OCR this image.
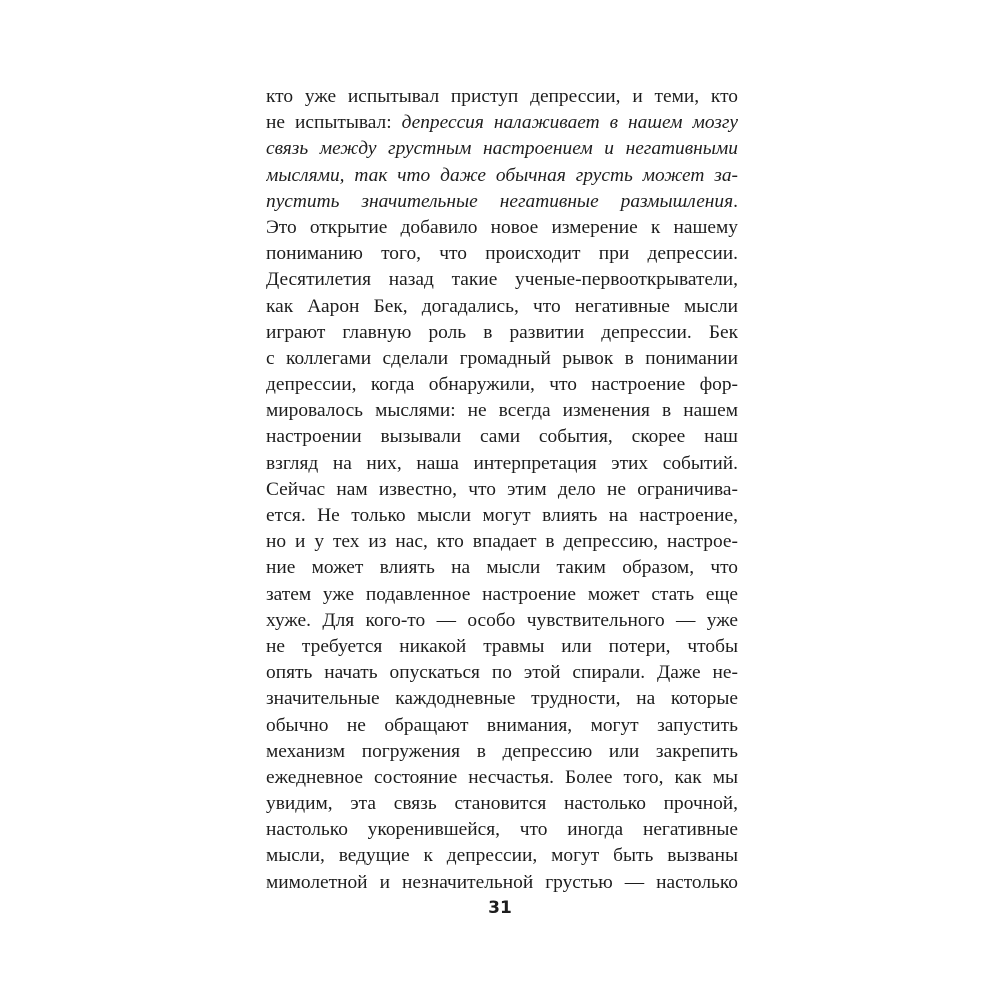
кто уже испытывал приступ депрессии, и теми, кто
не испытывал: депрессия налаживает в нашем мозгу
связь между грустным настроением и негативными
мыслями, так что даже обычная грусть может за-
пустить значительные негативные размышления.
Это открытие добавило новое измерение к нашему
пониманию того, что происходит при депрессии.
Десятилетия назад такие ученые-первооткрыватели,
как Аарон Бек, догадались, что негативные мысли
играют главную роль в развитии депрессии. Бек
с коллегами сделали громадный рывок в понимании
депрессии, когда обнаружили, что настроение фор-
мировалось мыслями: не всегда изменения в нашем
настроении вызывали сами события, скорее наш
взгляд на них, наша интерпретация этих событий.
Сейчас нам известно, что этим дело не ограничива-
ется. Не только мысли могут влиять на настроение,
но и у тех из нас, кто впадает в депрессию, настрое-
ние может влиять на мысли таким образом, что
затем уже подавленное настроение может стать еще
хуже. Для кого-то — особо чувствительного — уже
не требуется никакой травмы или потери, чтобы
опять начать опускаться по этой спирали. Даже не-
значительные каждодневные трудности, на которые
обычно не обращают внимания, могут запустить
механизм погружения в депрессию или закрепить
ежедневное состояние несчастья. Более того, как мы
увидим, эта связь становится настолько прочной,
настолько укоренившейся, что иногда негативные
мысли, ведущие к депрессии, могут быть вызваны
мимолетной и незначительной грустью — настолько
31
